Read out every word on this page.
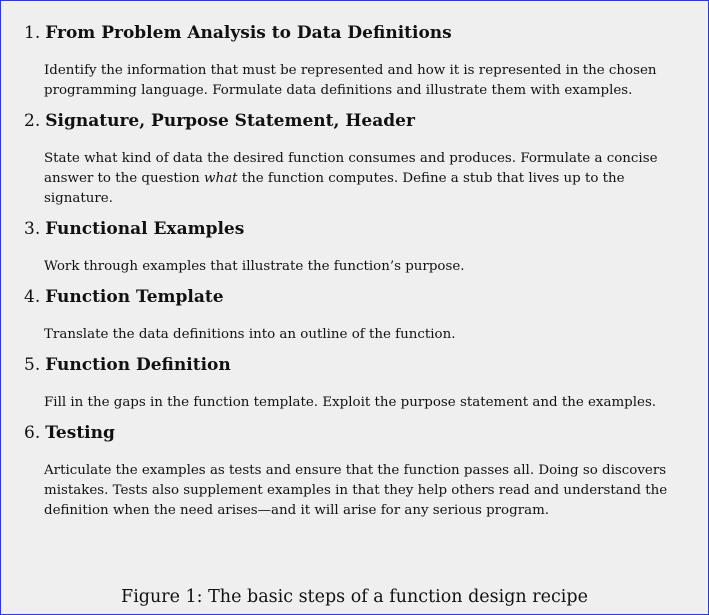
1. From Problem Analysis to Data Definitions

Identify the information that must be represented and how it is represented in the chosen programming language. Formulate data definitions and illustrate them with examples.

2. Signature, Purpose Statement, Header

State what kind of data the desired function consumes and produces. Formulate a concise answer to the question what the function computes. Define a stub that lives up to the signature.

3. Functional Examples

Work through examples that illustrate the function’s purpose.

4. Function Template

Translate the data definitions into an outline of the function.

5. Function Definition

Fill in the gaps in the function template. Exploit the purpose statement and the examples.

6. Testing

Articulate the examples as tests and ensure that the function passes all. Doing so discovers mistakes. Tests also supplement examples in that they help others read and understand the definition when the need arises—and it will arise for any serious program.

Figure 1: The basic steps of a function design recipe
